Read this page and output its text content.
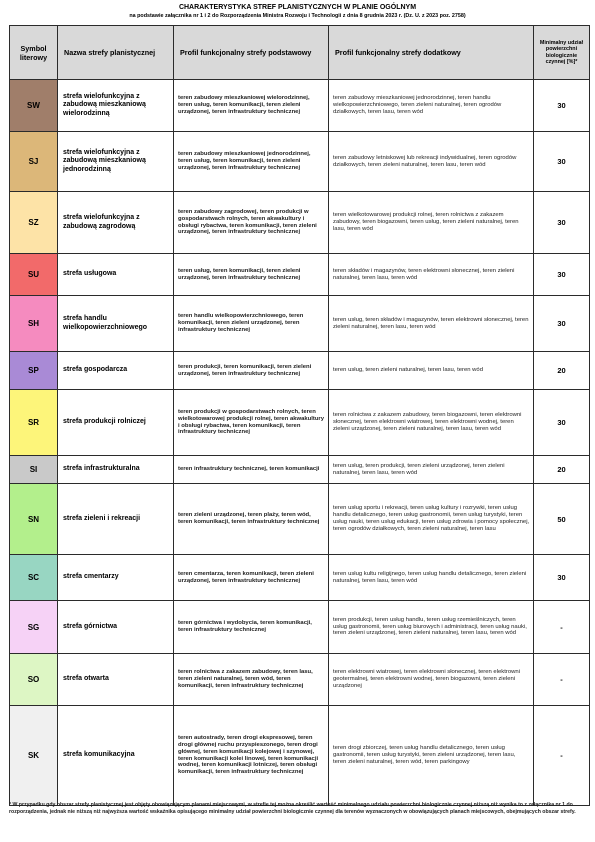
CHARAKTERYSTYKA STREF PLANISTYCZNYCH W PLANIE OGÓLNYM
na podstawie załącznika nr 1 i 2 do Rozporządzenia Ministra Rozwoju i Technologii z dnia 8 grudnia 2023 r. (Dz. U. z 2023 poz. 2758)
Symbol literowy	Nazwa strefy planistycznej	Profil funkcjonalny strefy podstawowy	Profil funkcjonalny strefy dodatkowy	Minimalny udział powierzchni biologicznie czynnej [%]*
SW	strefa wielofunkcyjna z zabudową mieszkaniową wielorodzinną	teren zabudowy mieszkaniowej wielorodzinnej, teren usług, teren komunikacji, teren zieleni urządzonej, teren infrastruktury technicznej	teren zabudowy mieszkaniowej jednorodzinnej, teren handlu wielkopowierzchniowego, teren zieleni naturalnej, teren ogrodów działkowych, teren lasu, teren wód	30
SJ	strefa wielofunkcyjna z zabudową mieszkaniową jednorodzinną	teren zabudowy mieszkaniowej jednorodzinnej, teren usług, teren komunikacji, teren zieleni urządzonej, teren infrastruktury technicznej	teren zabudowy letniskowej lub rekreacji indywidualnej, teren ogrodów działkowych, teren zieleni naturalnej, teren lasu, teren wód	30
SZ	strefa wielofunkcyjna z zabudową zagrodową	teren zabudowy zagrodowej, teren produkcji w gospodarstwach rolnych, teren akwakultury i obsługi rybactwa, teren komunikacji, teren zieleni urządzonej, teren infrastruktury technicznej	teren wielkotowarowej produkcji rolnej, teren rolnictwa z zakazem zabudowy, teren biogazowni, teren usług, teren zieleni naturalnej, teren lasu, teren wód	30
SU	strefa usługowa	teren usług, teren komunikacji, teren zieleni urządzonej, teren infrastruktury technicznej	teren składów i magazynów, teren elektrowni słonecznej, teren zieleni naturalnej, teren lasu, teren wód	30
SH	strefa handlu wielkopowierzchniowego	teren handlu wielkopowierzchniowego, teren komunikacji, teren zieleni urządzonej, teren infrastruktury technicznej	teren usług, teren składów i magazynów, teren elektrowni słonecznej, teren zieleni naturalnej, teren lasu, teren wód	30
SP	strefa gospodarcza	teren produkcji, teren komunikacji, teren zieleni urządzonej, teren infrastruktury technicznej	teren usług, teren zieleni naturalnej, teren lasu, teren wód	20
SR	strefa produkcji rolniczej	teren produkcji w gospodarstwach rolnych, teren wielkotowarowej produkcji rolnej, teren akwakultury i obsługi rybactwa, teren komunikacji, teren infrastruktury technicznej	teren rolnictwa z zakazem zabudowy, teren biogazowni, teren elektrowni słonecznej, teren elektrowni wiatrowej, teren elektrowni wodnej, teren zieleni urządzonej, teren zieleni naturalnej, teren lasu, teren wód	30
SI	strefa infrastrukturalna	teren infrastruktury technicznej, teren komunikacji	teren usług, teren produkcji, teren zieleni urządzonej, teren zieleni naturalnej, teren lasu, teren wód	20
SN	strefa zieleni i rekreacji	teren zieleni urządzonej, teren plaży, teren wód, teren komunikacji, teren infrastruktury technicznej	teren usług sportu i rekreacji, teren usług kultury i rozrywki, teren usług handlu detalicznego, teren usług gastronomii, teren usług turystyki, teren usług nauki, teren usług edukacji, teren usług zdrowia i pomocy społecznej, teren ogrodów działkowych, teren zieleni naturalnej, teren lasu	50
SC	strefa cmentarzy	teren cmentarza, teren komunikacji, teren zieleni urządzonej, teren infrastruktury technicznej	teren usług kultu religijnego, teren usług handlu detalicznego, teren zieleni naturalnej, teren lasu, teren wód	30
SG	strefa górnictwa	teren górnictwa i wydobycia, teren komunikacji, teren infrastruktury technicznej	teren produkcji, teren usług handlu, teren usług rzemieślniczych, teren usług gastronomii, teren usług biurowych i administracji, teren usług nauki, teren zieleni urządzonej, teren zieleni naturalnej, teren lasu, teren wód	-
SO	strefa otwarta	teren rolnictwa z zakazem zabudowy, teren lasu, teren zieleni naturalnej, teren wód, teren komunikacji, teren infrastruktury technicznej	teren elektrowni wiatrowej, teren elektrowni słonecznej, teren elektrowni geotermalnej, teren elektrowni wodnej, teren biogazowni, teren zieleni urządzonej	-
SK	strefa komunikacyjna	teren autostrady, teren drogi ekspresowej, teren drogi głównej ruchu przyspieszonego, teren drogi głównej, teren komunikacji kolejowej i szynowej, teren komunikacji kolei linowej, teren komunikacji wodnej, teren komunikacji lotniczej, teren obsługi komunikacji, teren infrastruktury technicznej	teren drogi zbiorczej, teren usług handlu detalicznego, teren usług gastronomii, teren usług turystyki, teren zieleni urządzonej, teren lasu, teren zieleni naturalnej, teren wód, teren parkingowy	-
* W przypadku gdy obszar strefy planistycznej jest objęty obowiązującym planami miejscowymi, w strefie tej można określić wartość minimalnego udziału powierzchni biologicznie czynnej niższą niż wynika to z załącznika nr 1 do rozporządzenia, jednak nie niższą niż najwyższa wartość wskaźnika opisującego minimalny udział powierzchni biologicznie czynnej dla terenów wyznaczonych w obowiązujących planach miejscowych, obejmujących obszar strefy.
